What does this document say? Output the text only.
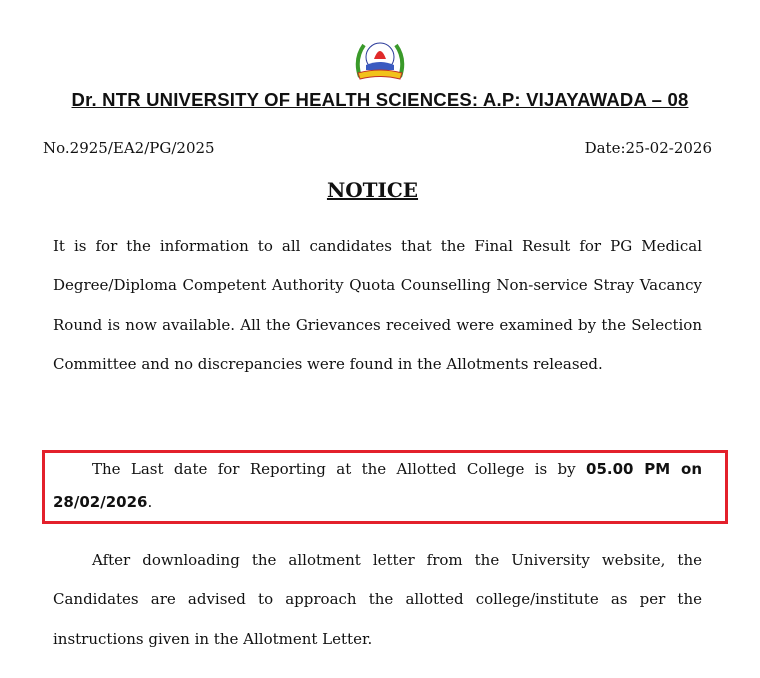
Dr. NTR UNIVERSITY OF HEALTH SCIENCES: A.P: VIJAYAWADA – 08
No.2925/EA2/PG/2025	Date:25-02-2026
NOTICE
It is for the information to all candidates that the Final Result for PG Medical Degree/Diploma Competent Authority Quota Counselling Non-service Stray Vacancy Round is now available. All the Grievances received were examined by the Selection Committee and no discrepancies were found in the Allotments released.
The Last date for Reporting at the Allotted College is by 05.00 PM on 28/02/2026.
After downloading the allotment letter from the University website, the Candidates are advised to approach the allotted college/institute as per the instructions given in the Allotment Letter.
